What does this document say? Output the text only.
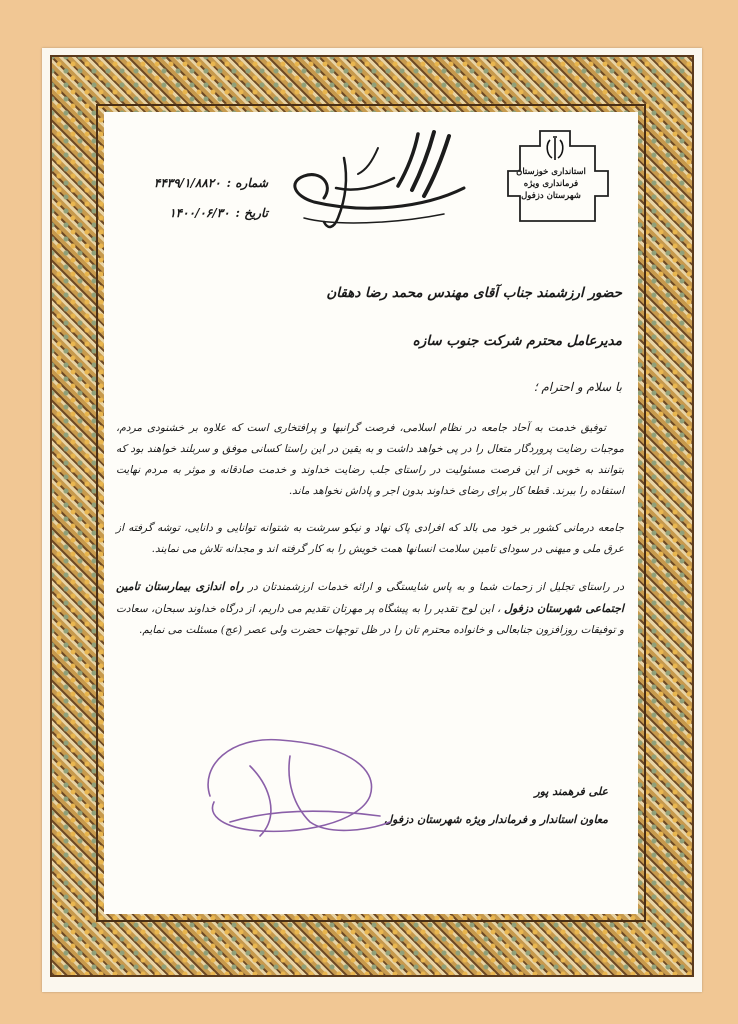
استانداری خوزستان
فرمانداری ویژه
شهرستان دزفول
شماره :
۴۴۳۹/۱/۸۸۲۰
تاریخ :
۱۴۰۰/۰۶/۳۰
حضور ارزشمند جناب آقای مهندس محمد رضا دهقان
مدیرعامل محترم شرکت جنوب سازه
با سلام و احترام ؛

توفیق خدمت به آحاد جامعه در نظام اسلامی، فرصت گرانبها و پرافتخاری است که علاوه بر خشنودی مردم، موجبات رضایت پروردگار متعال را در پی خواهد داشت و به یقین در این راستا کسانی موفق و سربلند خواهند بود که بتوانند به خوبی از این فرصت مسئولیت در راستای جلب رضایت خداوند و خدمت صادقانه و موثر به مردم نهایت استفاده را ببرند. قطعا کار برای رضای خداوند بدون اجر و پاداش نخواهد ماند.

جامعه درمانی کشور بر خود می بالد که افرادی پاک نهاد و نیکو سرشت به شتوانه توانایی و دانایی، توشه گرفته از عرق ملی و میهنی در سودای تامین سلامت انسانها همت خویش را به کار گرفته اند و مجدانه تلاش می نمایند.

در راستای تجلیل از زحمات شما و به پاس شایستگی و ارائه خدمات ارزشمندتان در راه اندازی بیمارستان تامین اجتماعی شهرستان دزفول ، این لوح تقدیر را به پیشگاه پر مهرتان تقدیم می داریم، از درگاه خداوند سبحان، سعادت و توفیقات روزافزون جنابعالی و خانواده محترم تان را در ظل توجهات حضرت ولی عصر (عج) مسئلت می نمایم.

علی فرهمند پور
معاون استاندار و فرماندار ویژه شهرستان دزفول
